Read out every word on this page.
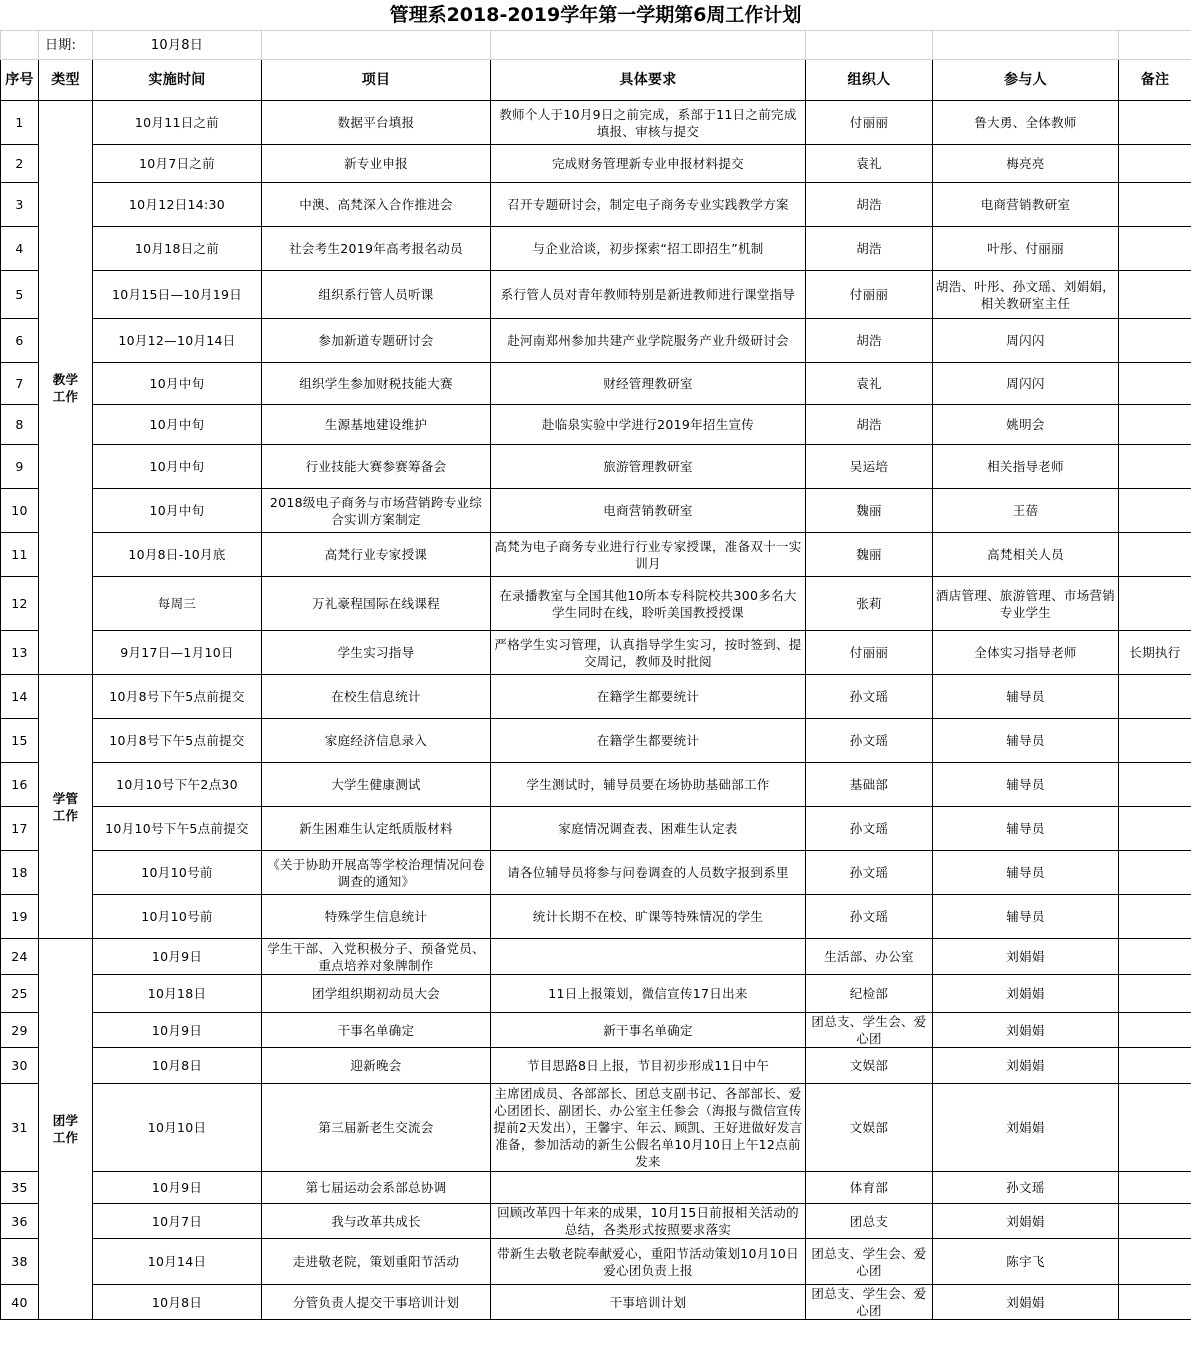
管理系2018-2019学年第一学期第6周工作计划
	日期:	10月8日					
序号	类型	实施时间	项目	具体要求	组织人	参与人	备注
1	教学工作	10月11日之前	数据平台填报	教师个人于10月9日之前完成，系部于11日之前完成填报、审核与提交	付丽丽	鲁大勇、全体教师	
2		10月7日之前	新专业申报	完成财务管理新专业申报材料提交	袁礼	梅亮亮	
3		10月12日14:30	中澳、高梵深入合作推进会	召开专题研讨会，制定电子商务专业实践教学方案	胡浩	电商营销教研室	
4		10月18日之前	社会考生2019年高考报名动员	与企业洽谈，初步探索“招工即招生”机制	胡浩	叶彤、付丽丽	
5		10月15日—10月19日	组织系行管人员听课	系行管人员对青年教师特别是新进教师进行课堂指导	付丽丽	胡浩、叶彤、孙文瑶、刘娟娟，相关教研室主任	
6		10月12—10月14日	参加新道专题研讨会	赴河南郑州参加共建产业学院服务产业升级研讨会	胡浩	周闪闪	
7		10月中旬	组织学生参加财税技能大赛	财经管理教研室	袁礼	周闪闪	
8		10月中旬	生源基地建设维护	赴临泉实验中学进行2019年招生宣传	胡浩	姚明会	
9		10月中旬	行业技能大赛参赛筹备会	旅游管理教研室	吴运培	相关指导老师	
10		10月中旬	2018级电子商务与市场营销跨专业综合实训方案制定	电商营销教研室	魏丽	王蓓	
11		10月8日-10月底	高梵行业专家授课	高梵为电子商务专业进行行业专家授课，准备双十一实训月	魏丽	高梵相关人员	
12		每周三	万礼豪程国际在线课程	在录播教室与全国其他10所本专科院校共300多名大学生同时在线，聆听美国教授授课	张莉	酒店管理、旅游管理、市场营销专业学生	
13		9月17日—1月10日	学生实习指导	严格学生实习管理，认真指导学生实习，按时签到、提交周记，教师及时批阅	付丽丽	全体实习指导老师	长期执行
14	学管工作	10月8号下午5点前提交	在校生信息统计	在籍学生都要统计	孙文瑶	辅导员	
15		10月8号下午5点前提交	家庭经济信息录入	在籍学生都要统计	孙文瑶	辅导员	
16		10月10号下午2点30	大学生健康测试	学生测试时，辅导员要在场协助基础部工作	基础部	辅导员	
17		10月10号下午5点前提交	新生困难生认定纸质版材料	家庭情况调查表、困难生认定表	孙文瑶	辅导员	
18		10月10号前	《关于协助开展高等学校治理情况问卷调查的通知》	请各位辅导员将参与问卷调查的人员数字报到系里	孙文瑶	辅导员	
19		10月10号前	特殊学生信息统计	统计长期不在校、旷课等特殊情况的学生	孙文瑶	辅导员	
24	团学工作	10月9日	学生干部、入党积极分子、预备党员、重点培养对象牌制作		生活部、办公室	刘娟娟	
25		10月18日	团学组织期初动员大会	11日上报策划，微信宣传17日出来	纪检部	刘娟娟	
29		10月9日	干事名单确定	新干事名单确定	团总支、学生会、爱心团	刘娟娟	
30		10月8日	迎新晚会	节目思路8日上报，节目初步形成11日中午	文娱部	刘娟娟	
31		10月10日	第三届新老生交流会	主席团成员、各部部长、团总支副书记、各部部长、爱心团团长、副团长、办公室主任参会（海报与微信宣传提前2天发出），王馨宇、年云、顾凯、王好进做好发言准备，参加活动的新生公假名单10月10日上午12点前发来	文娱部	刘娟娟	
35		10月9日	第七届运动会系部总协调		体育部	孙文瑶	
36		10月7日	我与改革共成长	回顾改革四十年来的成果，10月15日前报相关活动的总结，各类形式按照要求落实	团总支	刘娟娟	
38		10月14日	走进敬老院，策划重阳节活动	带新生去敬老院奉献爱心，重阳节活动策划10月10日爱心团负责上报	团总支、学生会、爱心团	陈宇飞	
40		10月8日	分管负责人提交干事培训计划	干事培训计划	团总支、学生会、爱心团	刘娟娟	
